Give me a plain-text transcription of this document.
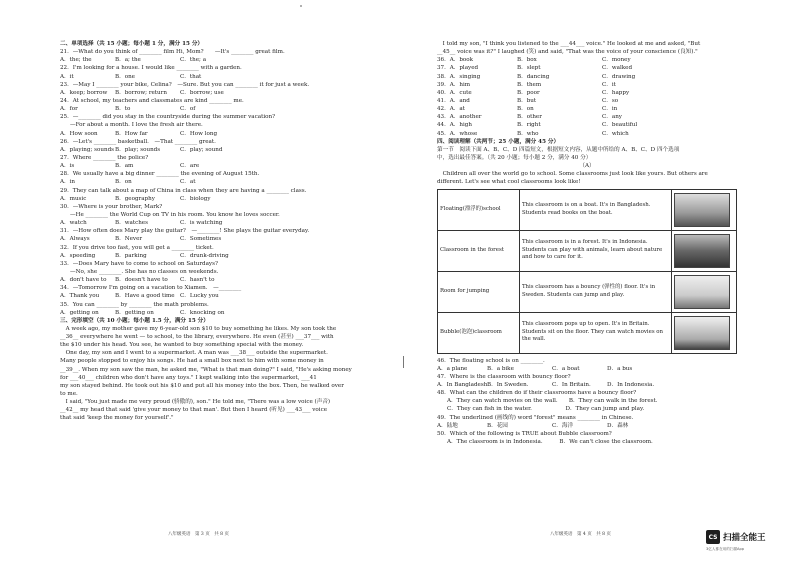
二、单项选择（共 15 小题；每小题 1 分，满分 15 分）
21．—What do you think of ________ film Hi, Mom?　　—It's ________ great film.
A．the; the	B．a; the	C．the; a
22．I'm looking for a house. I would like ________ with a garden.
A．it	B．one	C．that
23．—May I ________ your bike, Celina?　—Sure. But you can ________ it for just a week.
A．keep; borrow	B．borrow; return	C．borrow; use
24．At school, my teachers and classmates are kind ________ me.
A．for	B．to	C．of
25．—________ did you stay in the countryside during the summer vacation?
—For about a month. I love the fresh air there.
A．How soon	B．How far	C．How long
26．—Let's ________ basketball.　—That ________ great.
A．playing; sounds B．play; sounds	C．play; sound
27．Where ________ the police?
A．is	B．am	C．are
28．We usually have a big dinner ________ the evening of August 15th.
A．in	B．on	C．at
29．They can talk about a map of China in class when they are having a ________ class.
A．music	B．geography	C．biology
30．—Where is your brother, Mark?
—He ________ the World Cup on TV in his room. You know he loves soccer.
A．watch	B．watches	C．is watching
31．—How often does Mary play the guitar?　—________! She plays the guitar everyday.
A．Always	B．Never	C．Sometimes
32．If you drive too fast, you will get a ________ ticket.
A．speeding	B．parking	C．drunk-driving
33．—Does Mary have to come to school on Saturdays?
—No, she ________. She has no classes on weekends.
A．don't have to	B．doesn't have to	C．hasn't to
34．—Tomorrow I'm going on a vacation to Xiamen.　—________
A．Thank you	B．Have a good time C．Lucky you
35．You can ________ by ________ the math problems.
A．getting on	B．getting on	C．knocking on
三、完形填空（共 10 小题；每小题 1.5 分，满分 15 分）
　A week ago, my mother gave my 6-year-old son $10 to buy something he likes. My son took the
__36__ everywhere he went — to school, to the library, everywhere. He even (甚至) ___37___ with
the $10 under his head. You see, he wanted to buy something special with the money.
　One day, my son and I went to a supermarket. A man was ___38___ outside the supermarket.
Many people stopped to enjoy his songs. He had a small box next to him with some money in
__39__. When my son saw the man, he asked me, "What is that man doing?" I said, "He's asking money
for ___40___ children who don't have any toys." I kept walking into the supermarket, ___41
my son stayed behind. He took out his $10 and put all his money into the box. Then, he walked over
to me.
　I said, "You just made me very proud (骄傲的), son." He told me, "There was a low voice (声音)
__42__ my head that said 'give your money to that man'. But then I heard (听见) ___43___ voice
that said 'keep the money for yourself'."
　I told my son, "I think you listened to the ___44___ voice." He looked at me and asked, "But
__45__ voice was it?" I laughed (笑) and said, "That was the voice of your conscience (良知)."
36．A．book	B．box	C．money
37．A．played	B．slept	C．walked
38．A．singing	B．dancing	C．drawing
39．A．him	B．them	C．it
40．A．cute	B．poor	C．happy
41．A．and	B．but	C．so
42．A．at	B．on	C．in
43．A．another	B．other	C．any
44．A．high	B．right	C．beautiful
45．A．whose	B．who	C．which
四、阅读理解（共两节；25 小题，满分 45 分）
第一节　阅读下面 A、B、C、D 四篇短文，根据短文内容，从题中所给的 A、B、C、D 四个选项
中，选出最佳答案。（共 20 小题；每小题 2 分，满分 40 分）
（A）
　Children all over the world go to school. Some classrooms just look like yours. But others are
different. Let's see what cool classrooms look like!
Floating(漂浮的)school	This classroom is on a boat. It's in Bangladesh. Students read books on the boat.	

Classroom in the forest	This classroom is in a forest. It's in Indonesia. Students can play with animals, learn about nature and how to care for it.	

Room for jumping	This classroom has a bouncy (弹性的) floor. It's in Sweden. Students can jump and play.	

Bubble(泡泡)classroom	This classroom pops up to open. It's in Britain. Students sit on the floor. They can watch movies on the wall.	
46．The floating school is on ________.
A．a plane	B．a bike	C．a boat	D．a bus
47．Where is the classroom with bouncy floor?
A．In Bangladesh.
B．In Sweden.	C．In Britain.	D．In Indonesia.
48．What can the children do if their classrooms have a bouncy floor?
A．They can watch movies on the wall.　　B．They can walk in the forest.
C．They can fish in the water.　　　　　　D．They can jump and play.
49．The underlined (画线的) word "forest" means ________ in Chinese.
A．陆地	B．花园	C．海洋	D．森林
50．Which of the following is TRUE about Bubble classroom?
A．The classroom is in Indonesia.　　　B．We can't close the classroom.
八年级英语　第 3 页　共 8 页	八年级英语　第 4 页　共 8 页	CS 扫描全能王
3亿人都在用的扫描App
